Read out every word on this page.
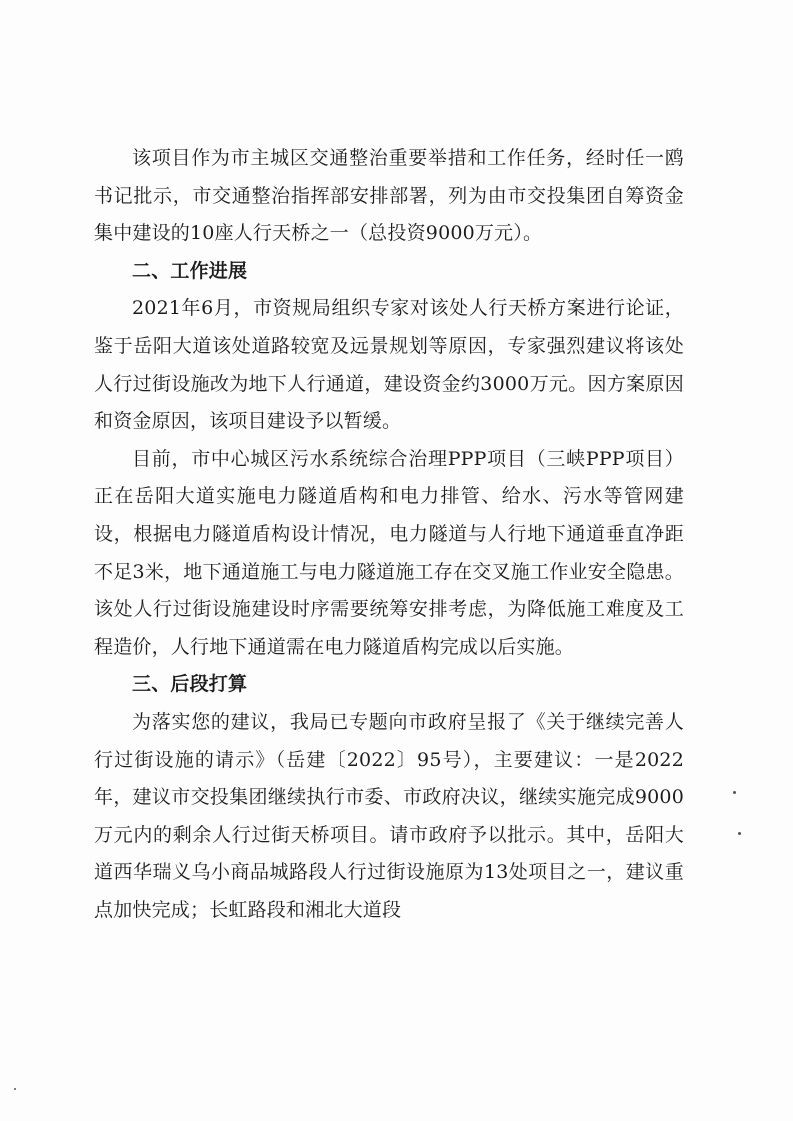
该项目作为市主城区交通整治重要举措和工作任务，经时任一鸥书记批示，市交通整治指挥部安排部署，列为由市交投集团自筹资金集中建设的10座人行天桥之一（总投资9000万元）。

二、工作进展

2021年6月，市资规局组织专家对该处人行天桥方案进行论证，鉴于岳阳大道该处道路较宽及远景规划等原因，专家强烈建议将该处人行过街设施改为地下人行通道，建设资金约3000万元。因方案原因和资金原因，该项目建设予以暂缓。

目前，市中心城区污水系统综合治理PPP项目（三峡PPP项目）正在岳阳大道实施电力隧道盾构和电力排管、给水、污水等管网建设，根据电力隧道盾构设计情况，电力隧道与人行地下通道垂直净距不足3米，地下通道施工与电力隧道施工存在交叉施工作业安全隐患。该处人行过街设施建设时序需要统筹安排考虑，为降低施工难度及工程造价，人行地下通道需在电力隧道盾构完成以后实施。

三、后段打算

为落实您的建议，我局已专题向市政府呈报了《关于继续完善人行过街设施的请示》（岳建〔2022〕95号），主要建议：一是2022年，建议市交投集团继续执行市委、市政府决议，继续实施完成9000万元内的剩余人行过街天桥项目。请市政府予以批示。其中，岳阳大道西华瑞义乌小商品城路段人行过街设施原为13处项目之一，建议重点加快完成；长虹路段和湘北大道段
